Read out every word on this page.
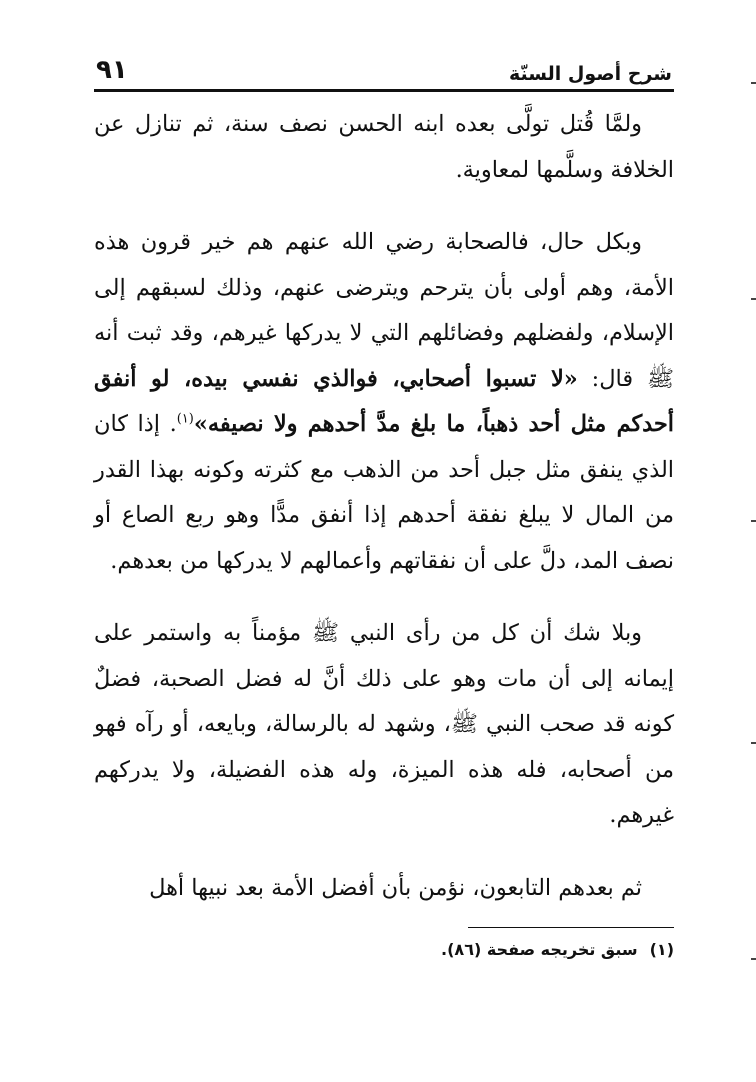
شرح أصول السنّة
٩١

ولمَّا قُتل تولَّى بعده ابنه الحسن نصف سنة، ثم تنازل عن الخلافة وسلَّمها لمعاوية.

وبكل حال، فالصحابة رضي الله عنهم هم خير قرون هذه الأمة، وهم أولى بأن يترحم ويترضى عنهم، وذلك لسبقهم إلى الإسلام، ولفضلهم وفضائلهم التي لا يدركها غيرهم، وقد ثبت أنه ﷺ قال: «لا تسبوا أصحابي، فوالذي نفسي بيده، لو أنفق أحدكم مثل أحد ذهباً، ما بلغ مدَّ أحدهم ولا نصيفه»$^{(١)}$. إذا كان الذي ينفق مثل جبل أحد من الذهب مع كثرته وكونه بهذا القدر من المال لا يبلغ نفقة أحدهم إذا أنفق مدًّا وهو ربع الصاع أو نصف المد، دلَّ على أن نفقاتهم وأعمالهم لا يدركها من بعدهم.

وبلا شك أن كل من رأى النبي ﷺ مؤمناً به واستمر على إيمانه إلى أن مات وهو على ذلك أنَّ له فضل الصحبة، فضلٌ كونه قد صحب النبي ﷺ، وشهد له بالرسالة، وبايعه، أو رآه فهو من أصحابه، فله هذه الميزة، وله هذه الفضيلة، ولا يدركهم غيرهم.

ثم بعدهم التابعون، نؤمن بأن أفضل الأمة بعد نبيها أهل

(١)سبق تخريجه صفحة (٨٦).
